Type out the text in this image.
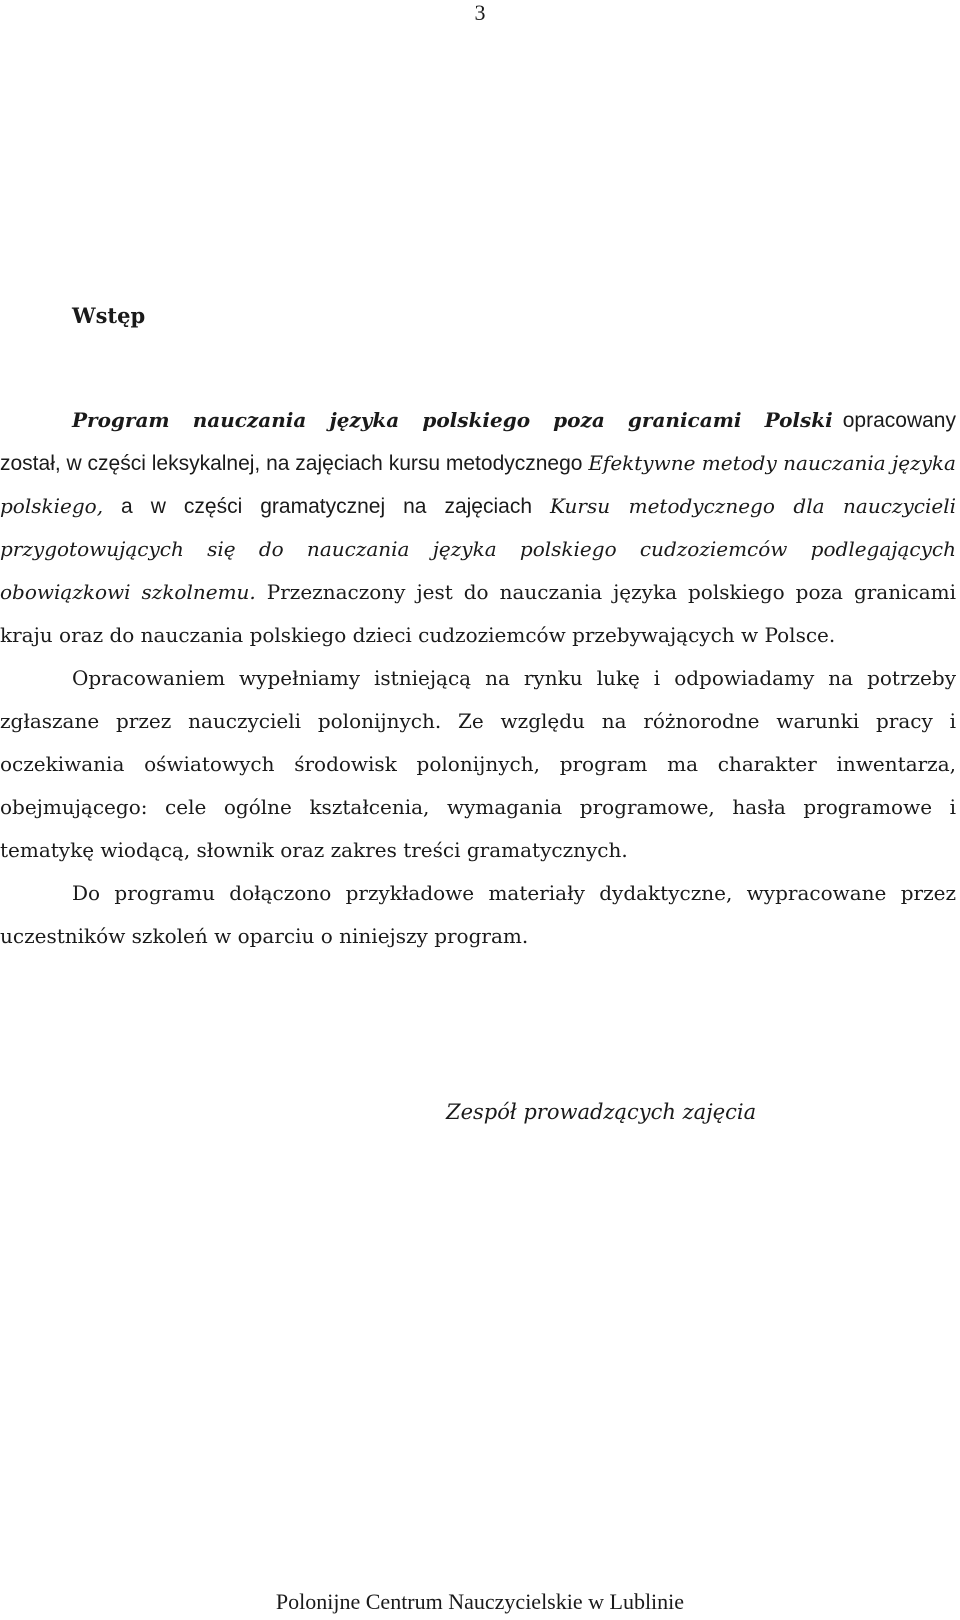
3
Wstęp

Program nauczania języka polskiego poza granicami Polski opracowany został, w części leksykalnej, na zajęciach kursu metodycznego Efektywne metody nauczania języka polskiego, a w części gramatycznej na zajęciach Kursu metodycznego dla nauczycieli przygotowujących się do nauczania języka polskiego cudzoziemców podlegających obowiązkowi szkolnemu. Przeznaczony jest do nauczania języka polskiego poza granicami kraju oraz do nauczania polskiego dzieci cudzoziemców przebywających w Polsce.

Opracowaniem wypełniamy istniejącą na rynku lukę i odpowiadamy na potrzeby zgłaszane przez nauczycieli polonijnych. Ze względu na różnorodne warunki pracy i oczekiwania oświatowych środowisk polonijnych, program ma charakter inwentarza, obejmującego: cele ogólne kształcenia, wymagania programowe, hasła programowe i tematykę wiodącą, słownik oraz zakres treści gramatycznych.

Do programu dołączono przykładowe materiały dydaktyczne, wypracowane przez uczestników szkoleń w oparciu o niniejszy program.

Zespół prowadzących zajęcia
Polonijne Centrum Nauczycielskie w Lublinie
